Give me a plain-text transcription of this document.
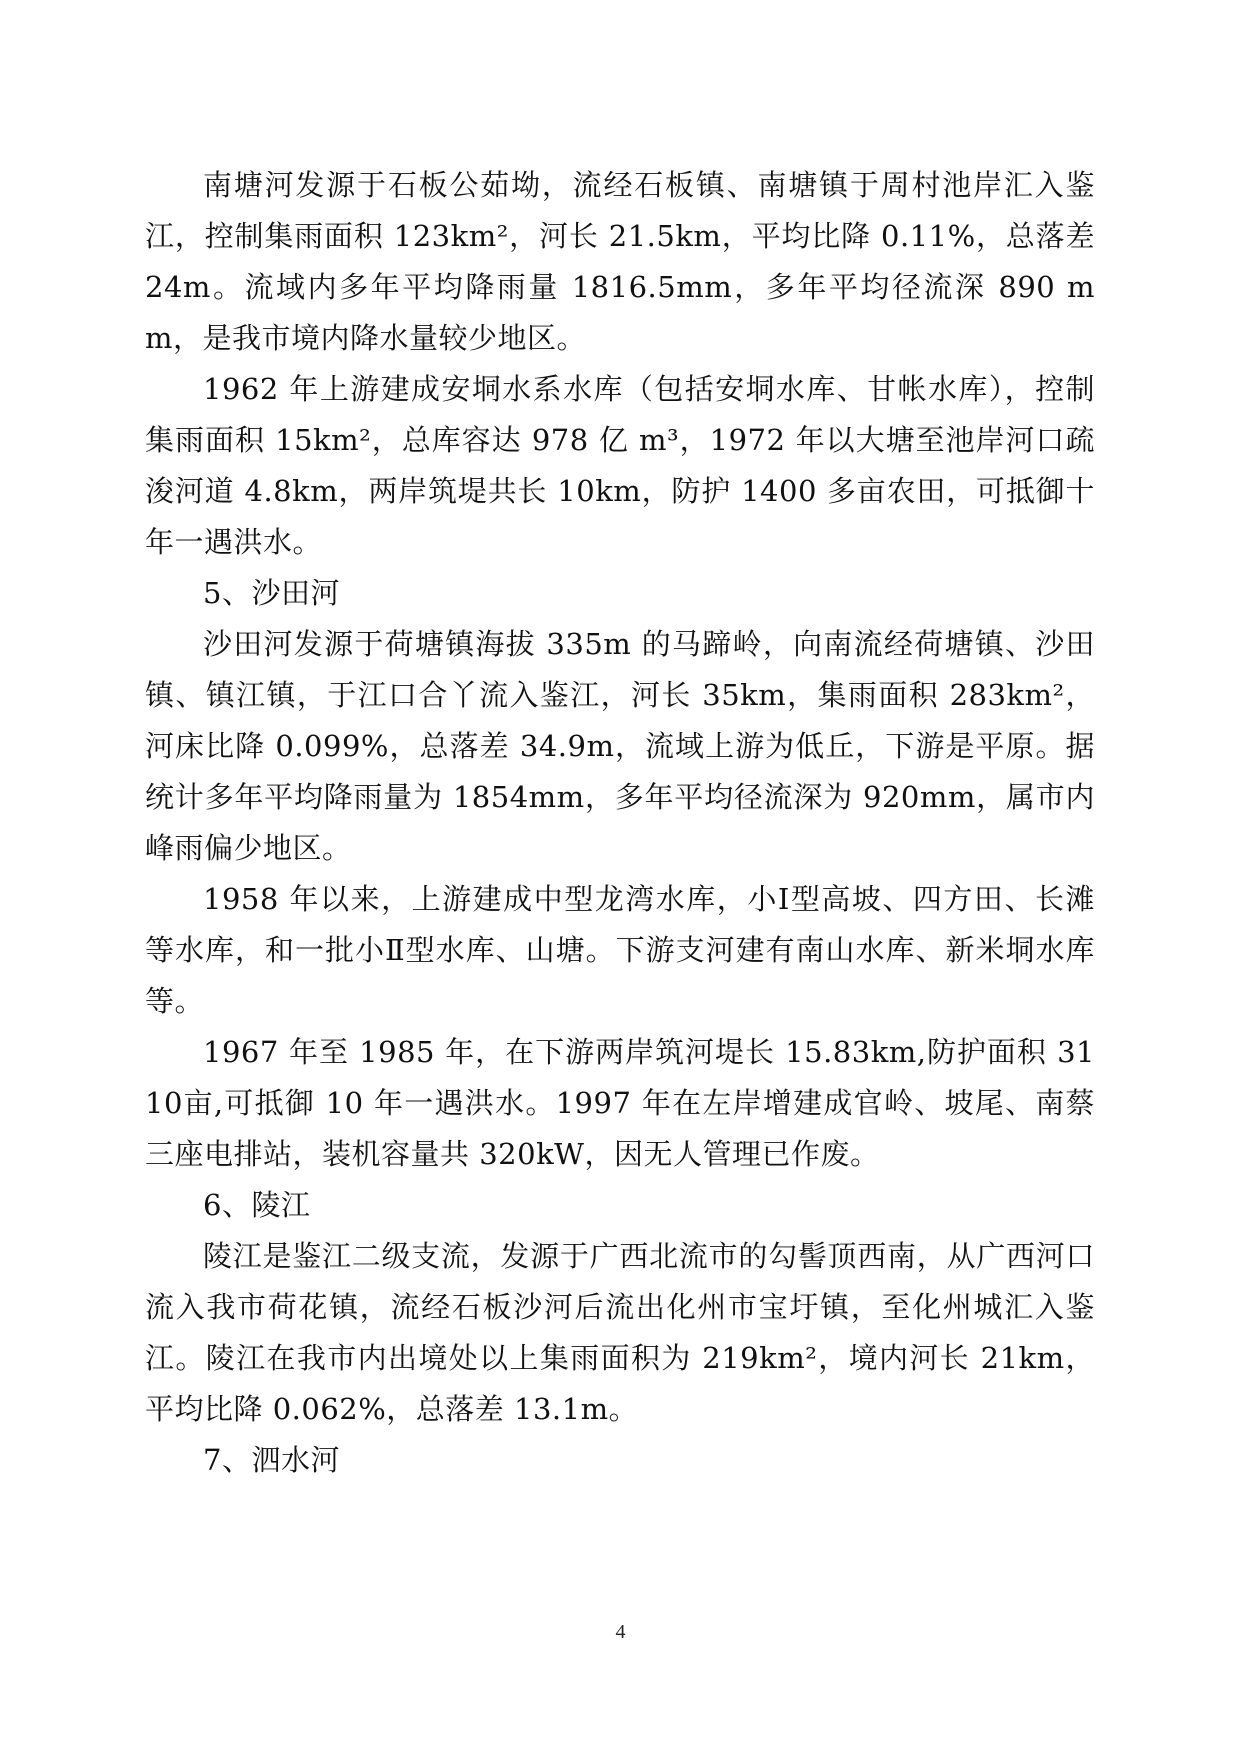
南塘河发源于石板公茹坳，流经石板镇、南塘镇于周村池岸汇入鉴江，控制集雨面积 123km²，河长 21.5km，平均比降 0.11%，总落差 24m。流域内多年平均降雨量 1816.5mm，多年平均径流深 890 mm，是我市境内降水量较少地区。

1962 年上游建成安垌水系水库（包括安垌水库、甘帐水库），控制集雨面积 15km²，总库容达 978 亿 m³，1972 年以大塘至池岸河口疏浚河道 4.8km，两岸筑堤共长 10km，防护 1400 多亩农田，可抵御十年一遇洪水。

5、沙田河

沙田河发源于荷塘镇海拔 335m 的马蹄岭，向南流经荷塘镇、沙田镇、镇江镇，于江口合丫流入鉴江，河长 35km，集雨面积 283km²，河床比降 0.099%，总落差 34.9m，流域上游为低丘，下游是平原。据统计多年平均降雨量为 1854mm，多年平均径流深为 920mm，属市内峰雨偏少地区。

1958 年以来，上游建成中型龙湾水库，小Ⅰ型高坡、四方田、长滩等水库，和一批小Ⅱ型水库、山塘。下游支河建有南山水库、新米垌水库等。

1967 年至 1985 年，在下游两岸筑河堤长 15.83km,防护面积 3110亩,可抵御 10 年一遇洪水。1997 年在左岸增建成官岭、坡尾、南蔡三座电排站，装机容量共 320kW，因无人管理已作废。

6、陵江

陵江是鉴江二级支流，发源于广西北流市的勾髻顶西南，从广西河口流入我市荷花镇，流经石板沙河后流出化州市宝圩镇，至化州城汇入鉴江。陵江在我市内出境处以上集雨面积为 219km²，境内河长 21km，平均比降 0.062%，总落差 13.1m。

7、泗水河

4
